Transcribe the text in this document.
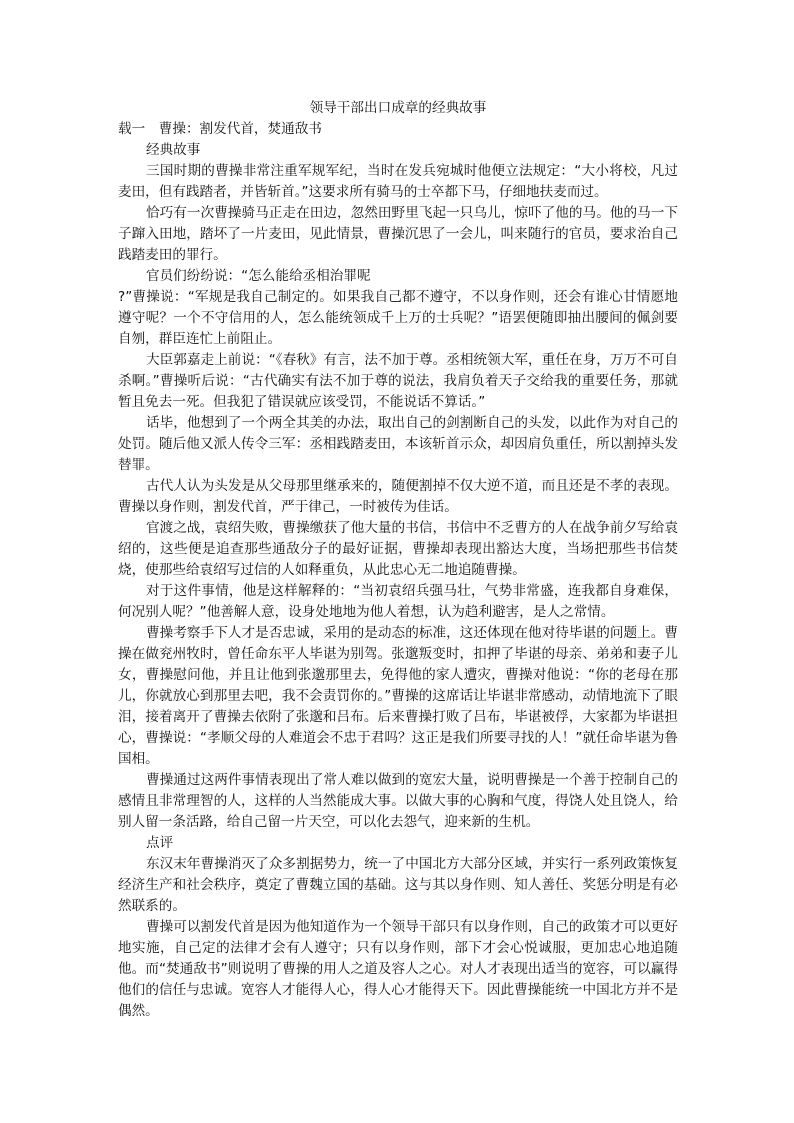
领导干部出口成章的经典故事

载一　曹操：割发代首，焚通敌书

经典故事

三国时期的曹操非常注重军规军纪，当时在发兵宛城时他便立法规定：“大小将校，凡过麦田，但有践踏者，并皆斩首。”这要求所有骑马的士卒都下马，仔细地扶麦而过。

恰巧有一次曹操骑马正走在田边，忽然田野里飞起一只乌儿，惊吓了他的马。他的马一下子蹿入田地，踏坏了一片麦田，见此情景，曹操沉思了一会儿，叫来随行的官员，要求治自己践踏麦田的罪行。

官员们纷纷说：“怎么能给丞相治罪呢

?”曹操说：“军规是我自己制定的。如果我自己都不遵守，不以身作则，还会有谁心甘情愿地遵守呢？一个不守信用的人，怎么能统领成千上万的士兵呢？”语罢便随即抽出腰间的佩剑要自刎，群臣连忙上前阻止。

大臣郭嘉走上前说：“《春秋》有言，法不加于尊。丞相统领大军，重任在身，万万不可自杀啊。”曹操听后说：“古代确实有法不加于尊的说法，我肩负着天子交给我的重要任务，那就暂且免去一死。但我犯了错误就应该受罚，不能说话不算话。”

话毕，他想到了一个两全其美的办法，取出自己的剑割断自己的头发，以此作为对自己的处罚。随后他又派人传令三军：丞相践踏麦田，本该斩首示众，却因肩负重任，所以割掉头发替罪。

古代人认为头发是从父母那里继承来的，随便割掉不仅大逆不道，而且还是不孝的表现。曹操以身作则，割发代首，严于律己，一时被传为佳话。

官渡之战，袁绍失败，曹操缴获了他大量的书信，书信中不乏曹方的人在战争前夕写给袁绍的，这些便是追查那些通敌分子的最好证据，曹操却表现出豁达大度，当场把那些书信焚烧，使那些给袁绍写过信的人如释重负，从此忠心无二地追随曹操。

对于这件事情，他是这样解释的：“当初袁绍兵强马壮，气势非常盛，连我都自身难保，何况别人呢？”他善解人意，设身处地地为他人着想，认为趋利避害，是人之常情。

曹操考察手下人才是否忠诚，采用的是动态的标准，这还体现在他对待毕谌的问题上。曹操在做兖州牧时，曾任命东平人毕谌为别驾。张邈叛变时，扣押了毕谌的母亲、弟弟和妻子儿女，曹操慰问他，并且让他到张邈那里去，免得他的家人遭灾，曹操对他说：“你的老母在那儿，你就放心到那里去吧，我不会责罚你的。”曹操的这席话让毕谌非常感动，动情地流下了眼泪，接着离开了曹操去依附了张邈和吕布。后来曹操打败了吕布，毕谌被俘，大家都为毕谌担心，曹操说：“孝顺父母的人难道会不忠于君吗？这正是我们所要寻找的人！”就任命毕谌为鲁国相。

曹操通过这两件事情表现出了常人难以做到的宽宏大量，说明曹操是一个善于控制自己的感情且非常理智的人，这样的人当然能成大事。以做大事的心胸和气度，得饶人处且饶人，给别人留一条活路，给自己留一片天空，可以化去怨气，迎来新的生机。

点评

东汉末年曹操消灭了众多割据势力，统一了中国北方大部分区域，并实行一系列政策恢复经济生产和社会秩序，奠定了曹魏立国的基础。这与其以身作则、知人善任、奖惩分明是有必然联系的。

曹操可以割发代首是因为他知道作为一个领导干部只有以身作则，自己的政策才可以更好地实施，自己定的法律才会有人遵守；只有以身作则，部下才会心悦诚服，更加忠心地追随他。而“焚通敌书”则说明了曹操的用人之道及容人之心。对人才表现出适当的宽容，可以赢得他们的信任与忠诚。宽容人才能得人心，得人心才能得天下。因此曹操能统一中国北方并不是偶然。
